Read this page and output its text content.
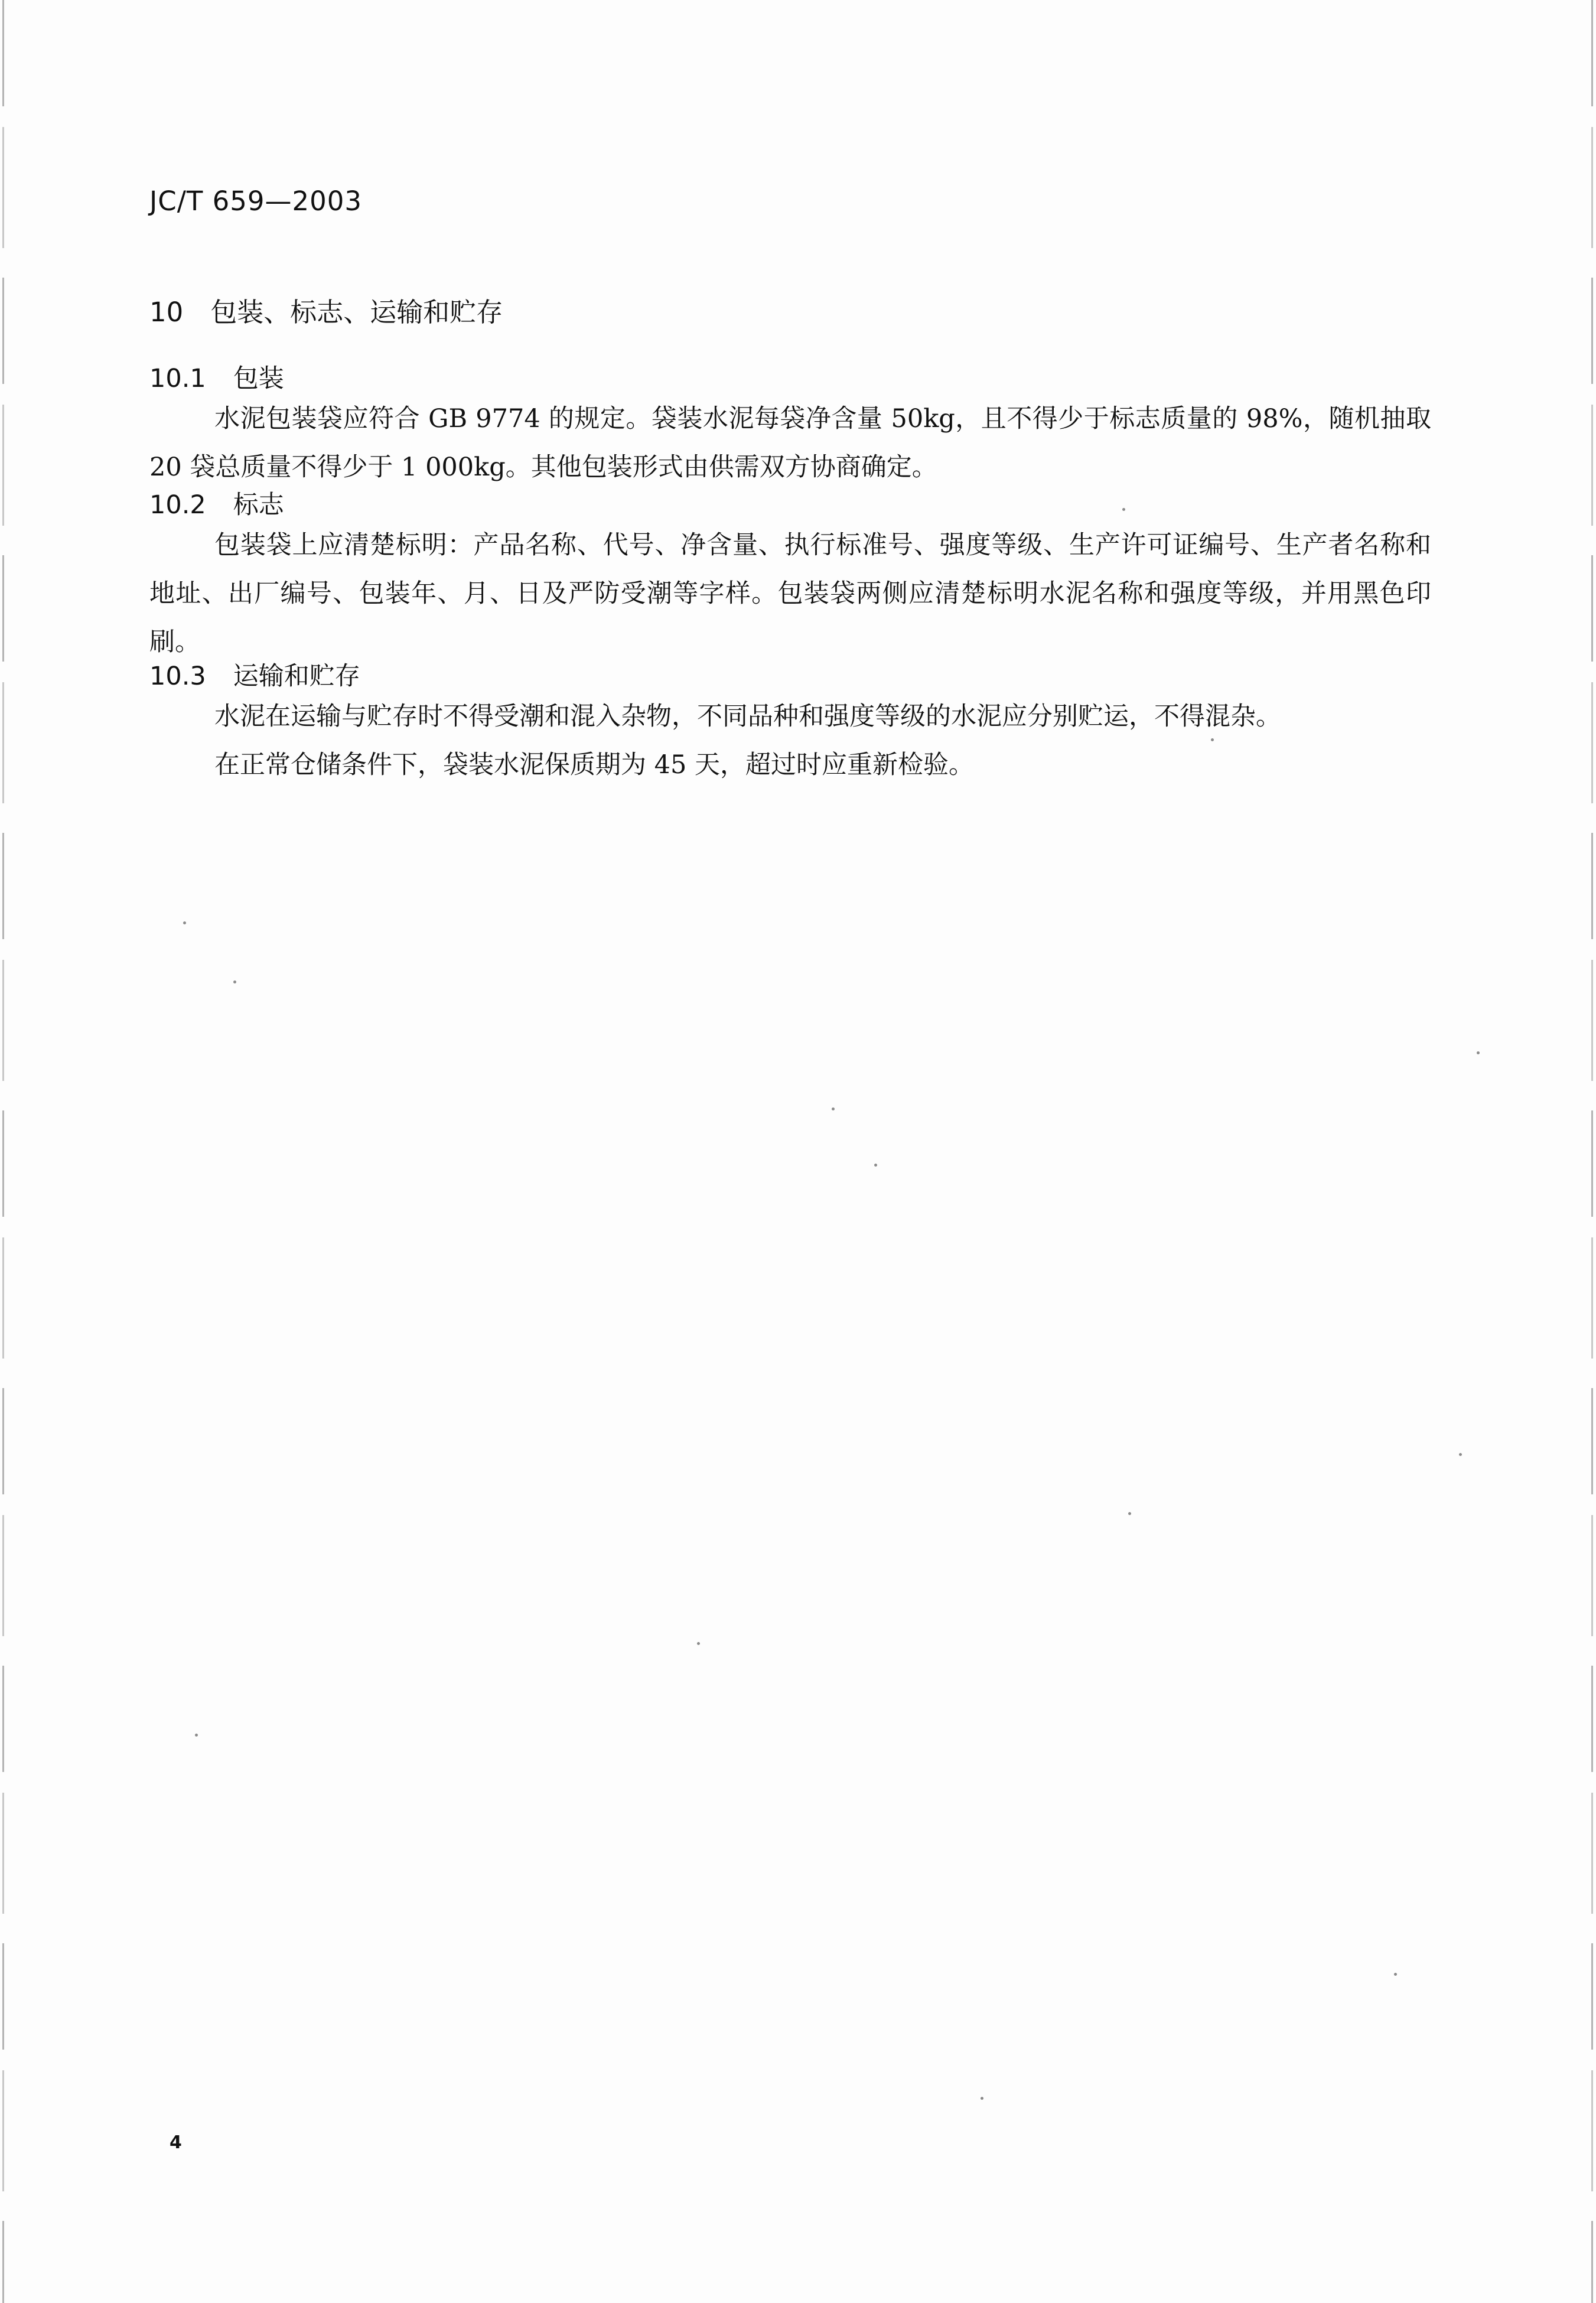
JC/T 659—2003
10 包装、标志、运输和贮存
10.1 包装

水泥包装袋应符合 GB 9774 的规定。袋装水泥每袋净含量 50kg，且不得少于标志质量的 98%，随机抽取 20 袋总质量不得少于 1 000kg。其他包装形式由供需双方协商确定。

10.2 标志

包装袋上应清楚标明：产品名称、代号、净含量、执行标准号、强度等级、生产许可证编号、生产者名称和地址、出厂编号、包装年、月、日及严防受潮等字样。包装袋两侧应清楚标明水泥名称和强度等级，并用黑色印刷。

10.3 运输和贮存

水泥在运输与贮存时不得受潮和混入杂物，不同品种和强度等级的水泥应分别贮运，不得混杂。

在正常仓储条件下，袋装水泥保质期为 45 天，超过时应重新检验。

4
